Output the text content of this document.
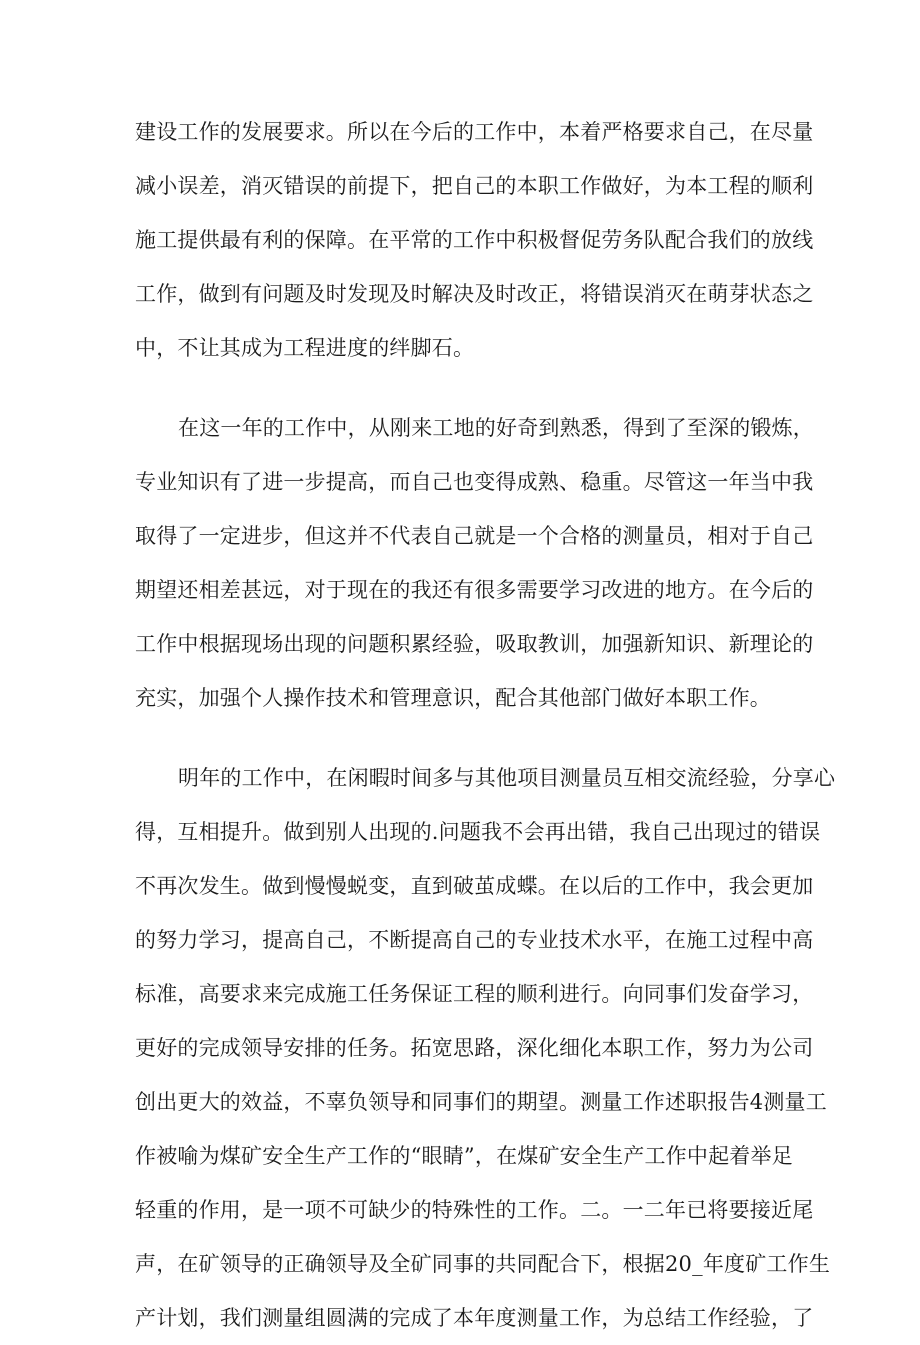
建设工作的发展要求。所以在今后的工作中，本着严格要求自己，在尽量
减小误差，消灭错误的前提下，把自己的本职工作做好，为本工程的顺利
施工提供最有利的保障。在平常的工作中积极督促劳务队配合我们的放线
工作，做到有问题及时发现及时解决及时改正，将错误消灭在萌芽状态之
中，不让其成为工程进度的绊脚石。
在这一年的工作中，从刚来工地的好奇到熟悉，得到了至深的锻炼，
专业知识有了进一步提高，而自己也变得成熟、稳重。尽管这一年当中我
取得了一定进步，但这并不代表自己就是一个合格的测量员，相对于自己
期望还相差甚远，对于现在的我还有很多需要学习改进的地方。在今后的
工作中根据现场出现的问题积累经验，吸取教训，加强新知识、新理论的
充实，加强个人操作技术和管理意识，配合其他部门做好本职工作。
明年的工作中，在闲暇时间多与其他项目测量员互相交流经验，分享心
得，互相提升。做到别人出现的.问题我不会再出错，我自己出现过的错误
不再次发生。做到慢慢蜕变，直到破茧成蝶。在以后的工作中，我会更加
的努力学习，提高自己，不断提高自己的专业技术水平，在施工过程中高
标准，高要求来完成施工任务保证工程的顺利进行。向同事们发奋学习，
更好的完成领导安排的任务。拓宽思路，深化细化本职工作，努力为公司
创出更大的效益，不辜负领导和同事们的期望。测量工作述职报告4测量工
作被喻为煤矿安全生产工作的“眼睛”，在煤矿安全生产工作中起着举足
轻重的作用，是一项不可缺少的特殊性的工作。二。一二年已将要接近尾
声，在矿领导的正确领导及全矿同事的共同配合下，根据20_年度矿工作生
产计划，我们测量组圆满的完成了本年度测量工作，为总结工作经验，了
